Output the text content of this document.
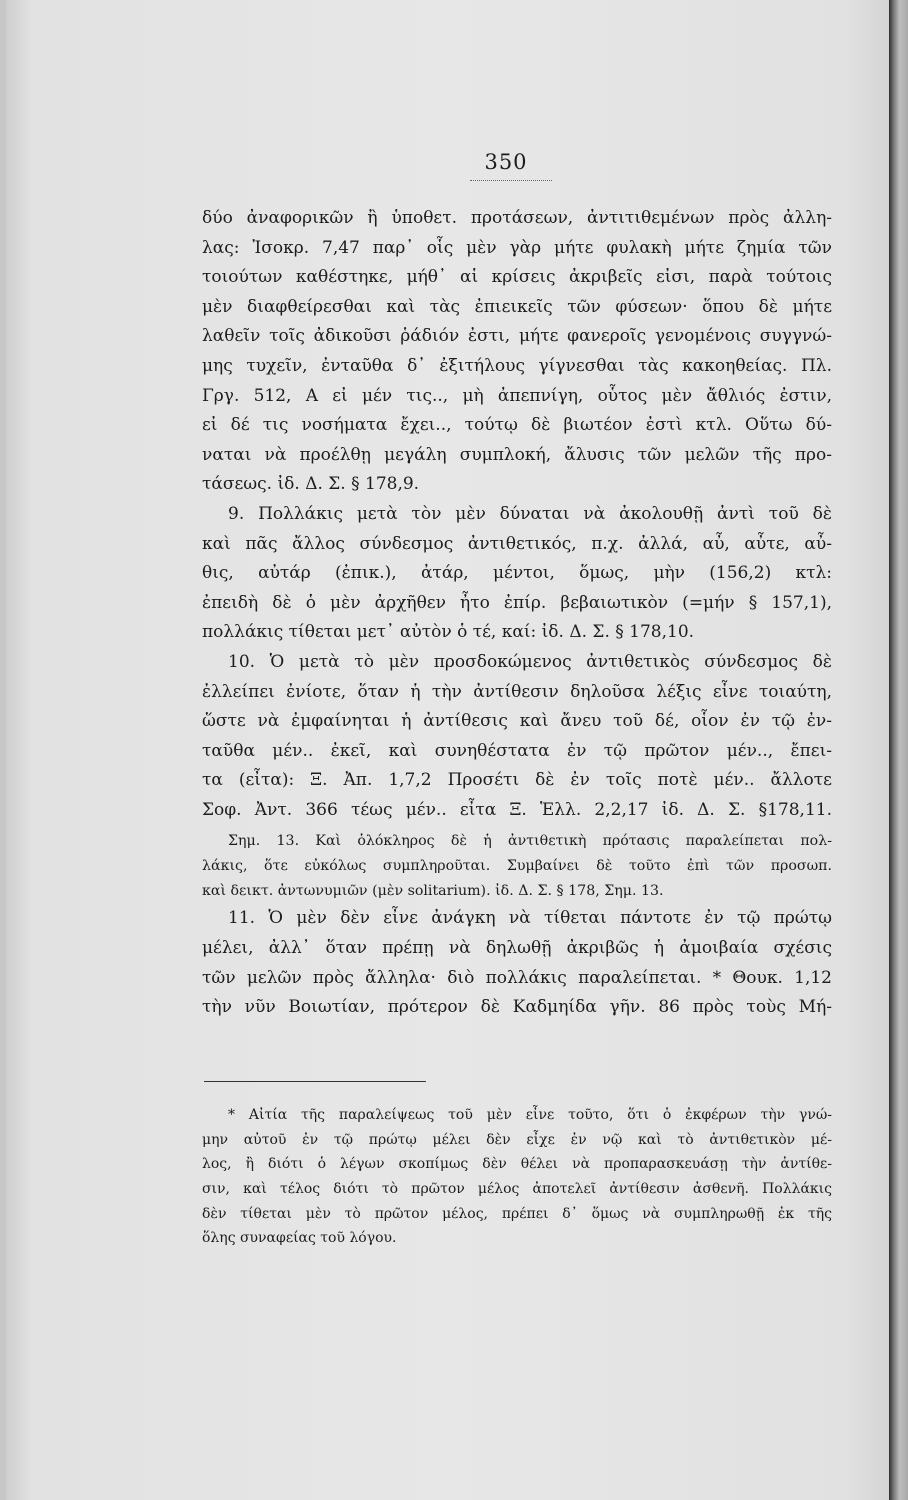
350
δύο ἀναφορικῶν ἢ ὑποθετ. προτάσεων, ἀντιτιθεμένων πρὸς ἀλλη-
λας: Ἰσοκρ. 7,47 παρ᾽ οἷς μὲν γὰρ μήτε φυλακὴ μήτε ζημία τῶν
τοιούτων καθέστηκε, μήθ᾽ αἱ κρίσεις ἀκριβεῖς εἰσι, παρὰ τούτοις
μὲν διαφθείρεσθαι καὶ τὰς ἐπιεικεῖς τῶν φύσεων· ὅπου δὲ μήτε
λαθεῖν τοῖς ἀδικοῦσι ῥάδιόν ἐστι, μήτε φανεροῖς γενομένοις συγγνώ-
μης τυχεῖν, ἐνταῦθα δ᾽ ἐξιτήλους γίγνεσθαι τὰς κακοηθείας. Πλ.
Γργ. 512, Α εἰ μέν τις.., μὴ ἀπεπνίγη, οὗτος μὲν ἄθλιός ἐστιν,
εἰ δέ τις νοσήματα ἔχει.., τούτῳ δὲ βιωτέον ἐστὶ κτλ. Οὕτω δύ-
ναται νὰ προέλθῃ μεγάλη συμπλοκή, ἄλυσις τῶν μελῶν τῆς προ-
τάσεως. ἰδ. Δ. Σ. § 178,9.
9. Πολλάκις μετὰ τὸν μὲν δύναται νὰ ἀκολουθῇ ἀντὶ τοῦ δὲ
καὶ πᾶς ἄλλος σύνδεσμος ἀντιθετικός, π.χ. ἀλλά, αὖ, αὖτε, αὖ-
θις, αὐτάρ (ἐπικ.), ἀτάρ, μέντοι, ὅμως, μὴν (156,2) κτλ:
ἐπειδὴ δὲ ὁ μὲν ἀρχῆθεν ἦτο ἐπίρ. βεβαιωτικὸν (=μήν § 157,1),
πολλάκις τίθεται μετ᾽ αὐτὸν ὁ τέ, καί: ἰδ. Δ. Σ. § 178,10.
10. Ὁ μετὰ τὸ μὲν προσδοκώμενος ἀντιθετικὸς σύνδεσμος δὲ
ἐλλείπει ἐνίοτε, ὅταν ἡ τὴν ἀντίθεσιν δηλοῦσα λέξις εἶνε τοιαύτη,
ὥστε νὰ ἐμφαίνηται ἡ ἀντίθεσις καὶ ἄνευ τοῦ δέ, οἷον ἐν τῷ ἐν-
ταῦθα μέν.. ἐκεῖ, καὶ συνηθέστατα ἐν τῷ πρῶτον μέν.., ἔπει-
τα (εἶτα): Ξ. Ἀπ. 1,7,2 Προσέτι δὲ ἐν τοῖς ποτὲ μέν.. ἄλλοτε
Σοφ. Ἀντ. 366 τέως μέν.. εἶτα Ξ. Ἑλλ. 2,2,17 ἰδ. Δ. Σ. §178,11.
Σημ. 13. Καὶ ὁλόκληρος δὲ ἡ ἀντιθετικὴ πρότασις παραλείπεται πολ-
λάκις, ὅτε εὐκόλως συμπληροῦται. Συμβαίνει δὲ τοῦτο ἐπὶ τῶν προσωπ.
καὶ δεικτ. ἀντωνυμιῶν (μὲν solitarium). ἰδ. Δ. Σ. § 178, Σημ. 13.
11. Ὁ μὲν δὲν εἶνε ἀνάγκη νὰ τίθεται πάντοτε ἐν τῷ πρώτῳ
μέλει, ἀλλ᾽ ὅταν πρέπῃ νὰ δηλωθῇ ἀκριβῶς ἡ ἀμοιβαία σχέσις
τῶν μελῶν πρὸς ἄλληλα· διὸ πολλάκις παραλείπεται. * Θουκ. 1,12
τὴν νῦν Βοιωτίαν, πρότερον δὲ Καδμηίδα γῆν. 86 πρὸς τοὺς Μή-
* Αἰτία τῆς παραλείψεως τοῦ μὲν εἶνε τοῦτο, ὅτι ὁ ἐκφέρων τὴν γνώ-
μην αὐτοῦ ἐν τῷ πρώτῳ μέλει δὲν εἶχε ἐν νῷ καὶ τὸ ἀντιθετικὸν μέ-
λος, ἢ διότι ὁ λέγων σκοπίμως δὲν θέλει νὰ προπαρασκευάσῃ τὴν ἀντίθε-
σιν, καὶ τέλος διότι τὸ πρῶτον μέλος ἀποτελεῖ ἀντίθεσιν ἀσθενῆ. Πολλάκις
δὲν τίθεται μὲν τὸ πρῶτον μέλος, πρέπει δ᾽ ὅμως νὰ συμπληρωθῇ ἐκ τῆς
ὅλης συναφείας τοῦ λόγου.
